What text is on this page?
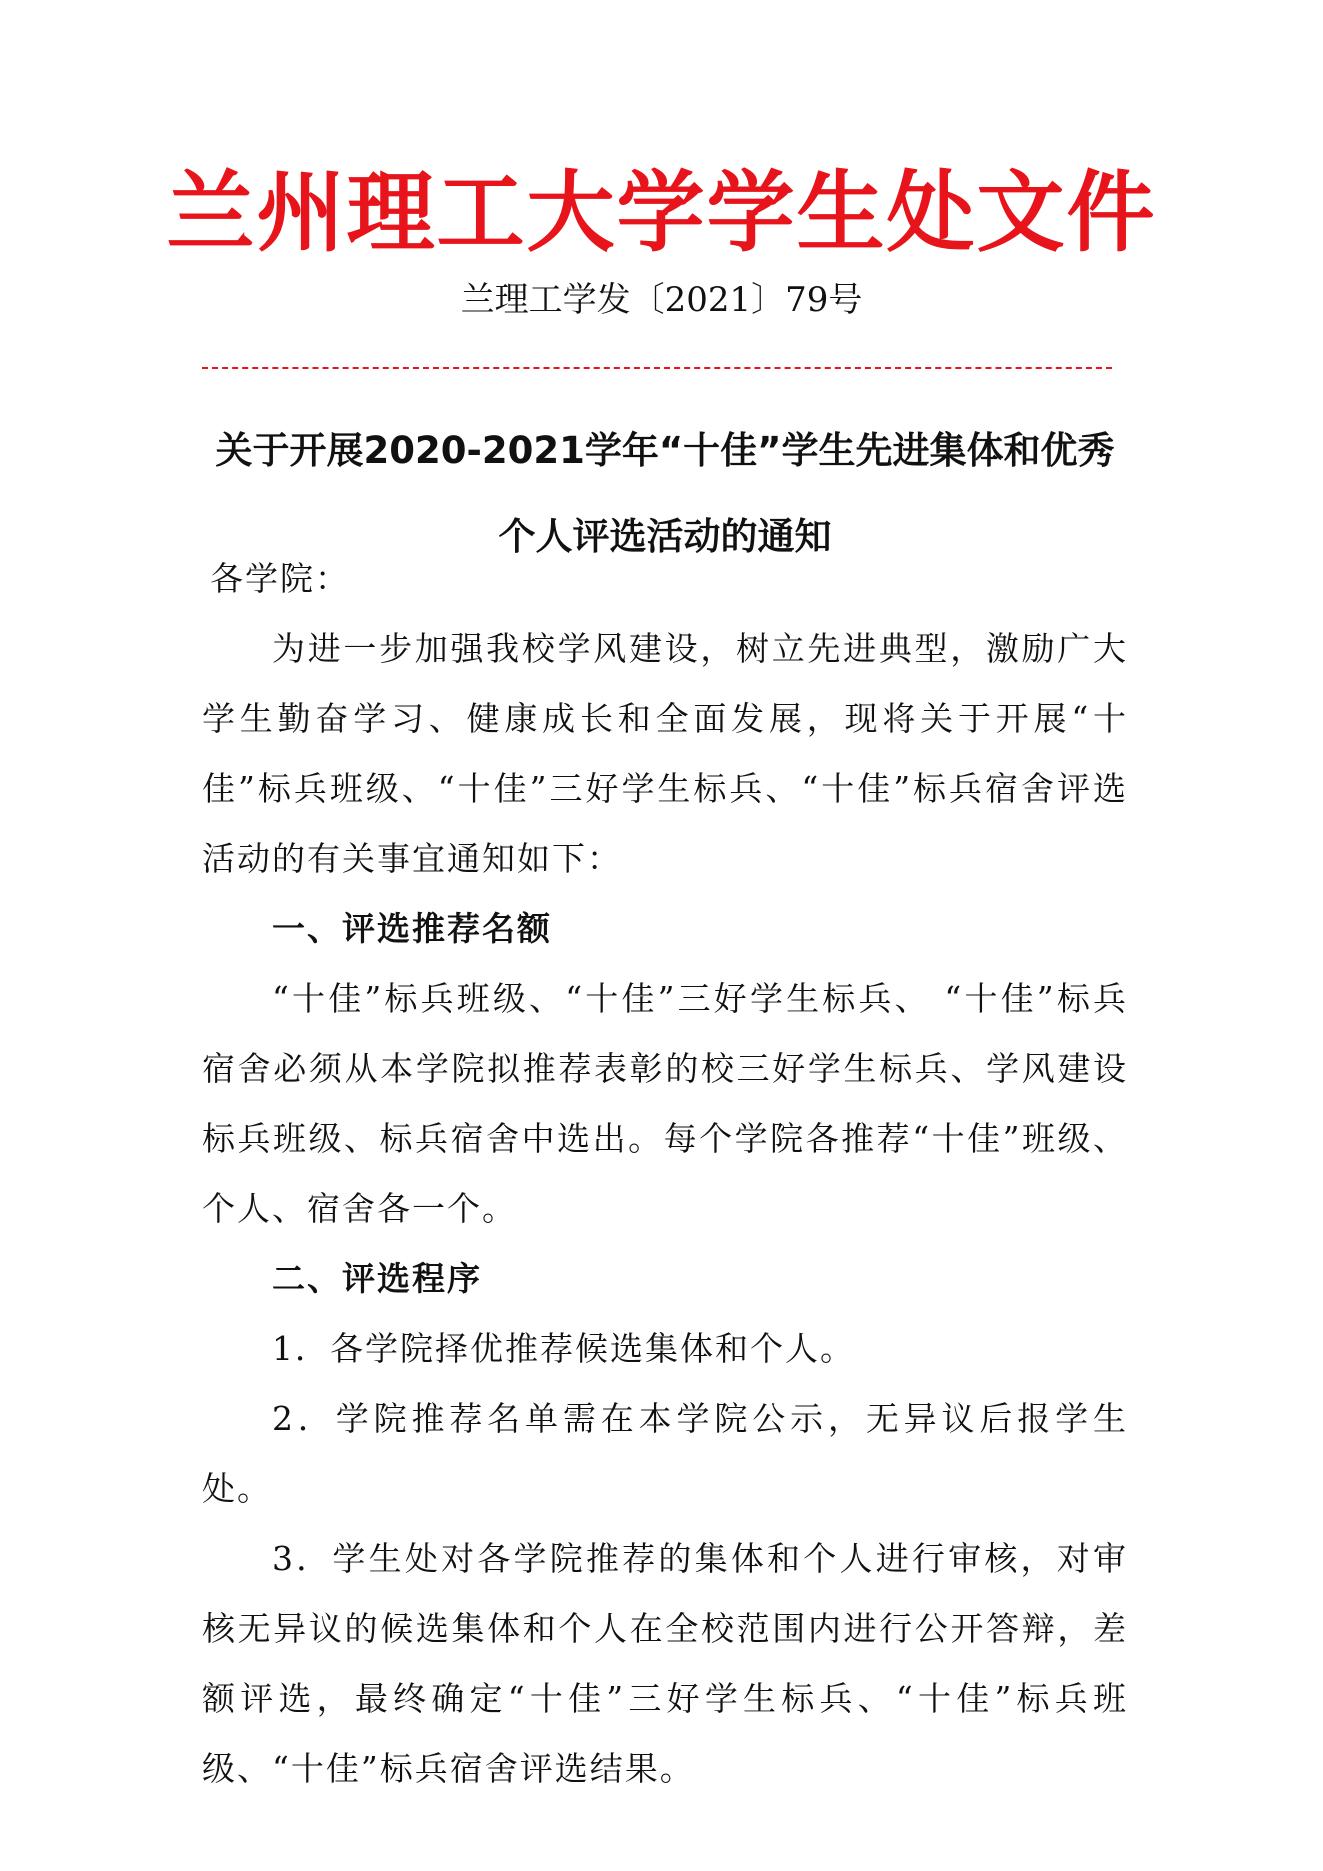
兰州理工大学学生处文件
兰理工学发〔2021〕79号
关于开展2020-2021学年“十佳”学生先进集体和优秀个人评选活动的通知

各学院：

为进一步加强我校学风建设，树立先进典型，激励广大学生勤奋学习、健康成长和全面发展，现将关于开展“十佳”标兵班级、“十佳”三好学生标兵、“十佳”标兵宿舍评选活动的有关事宜通知如下：

一、评选推荐名额

“十佳”标兵班级、“十佳”三好学生标兵、 “十佳”标兵宿舍必须从本学院拟推荐表彰的校三好学生标兵、学风建设标兵班级、标兵宿舍中选出。每个学院各推荐“十佳”班级、个人、宿舍各一个。

二、评选程序

1．各学院择优推荐候选集体和个人。

2．学院推荐名单需在本学院公示，无异议后报学生处。

3．学生处对各学院推荐的集体和个人进行审核，对审核无异议的候选集体和个人在全校范围内进行公开答辩，差额评选，最终确定“十佳”三好学生标兵、“十佳”标兵班级、“十佳”标兵宿舍评选结果。
